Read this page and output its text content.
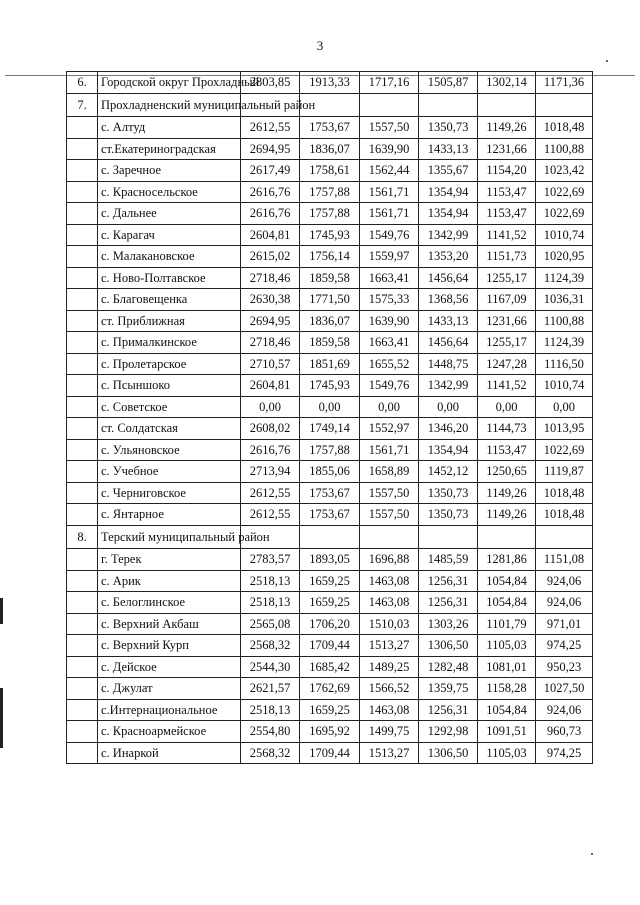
3
6.	Городской округ Прохладный	2803,85	1913,33	1717,16	1505,87	1302,14	1171,36
7.	Прохладненский муниципальный район						
	с. Алтуд	2612,55	1753,67	1557,50	1350,73	1149,26	1018,48
	ст.Екатериноградская	2694,95	1836,07	1639,90	1433,13	1231,66	1100,88
	с. Заречное	2617,49	1758,61	1562,44	1355,67	1154,20	1023,42
	с. Красносельское	2616,76	1757,88	1561,71	1354,94	1153,47	1022,69
	с. Дальнее	2616,76	1757,88	1561,71	1354,94	1153,47	1022,69
	с. Карагач	2604,81	1745,93	1549,76	1342,99	1141,52	1010,74
	с. Малакановское	2615,02	1756,14	1559,97	1353,20	1151,73	1020,95
	с. Ново-Полтавское	2718,46	1859,58	1663,41	1456,64	1255,17	1124,39
	с. Благовещенка	2630,38	1771,50	1575,33	1368,56	1167,09	1036,31
	ст. Приближная	2694,95	1836,07	1639,90	1433,13	1231,66	1100,88
	с. Прималкинское	2718,46	1859,58	1663,41	1456,64	1255,17	1124,39
	с. Пролетарское	2710,57	1851,69	1655,52	1448,75	1247,28	1116,50
	с. Псыншоко	2604,81	1745,93	1549,76	1342,99	1141,52	1010,74
	с. Советское	0,00	0,00	0,00	0,00	0,00	0,00
	ст. Солдатская	2608,02	1749,14	1552,97	1346,20	1144,73	1013,95
	с. Ульяновское	2616,76	1757,88	1561,71	1354,94	1153,47	1022,69
	с. Учебное	2713,94	1855,06	1658,89	1452,12	1250,65	1119,87
	с. Черниговское	2612,55	1753,67	1557,50	1350,73	1149,26	1018,48
	с. Янтарное	2612,55	1753,67	1557,50	1350,73	1149,26	1018,48
8.	Терский муниципальный район						
	г. Терек	2783,57	1893,05	1696,88	1485,59	1281,86	1151,08
	с. Арик	2518,13	1659,25	1463,08	1256,31	1054,84	924,06
	с. Белоглинское	2518,13	1659,25	1463,08	1256,31	1054,84	924,06
	с. Верхний Акбаш	2565,08	1706,20	1510,03	1303,26	1101,79	971,01
	с. Верхний Курп	2568,32	1709,44	1513,27	1306,50	1105,03	974,25
	с. Дейское	2544,30	1685,42	1489,25	1282,48	1081,01	950,23
	с. Джулат	2621,57	1762,69	1566,52	1359,75	1158,28	1027,50
	с.Интернациональное	2518,13	1659,25	1463,08	1256,31	1054,84	924,06
	с. Красноармейское	2554,80	1695,92	1499,75	1292,98	1091,51	960,73
	с. Инаркой	2568,32	1709,44	1513,27	1306,50	1105,03	974,25
